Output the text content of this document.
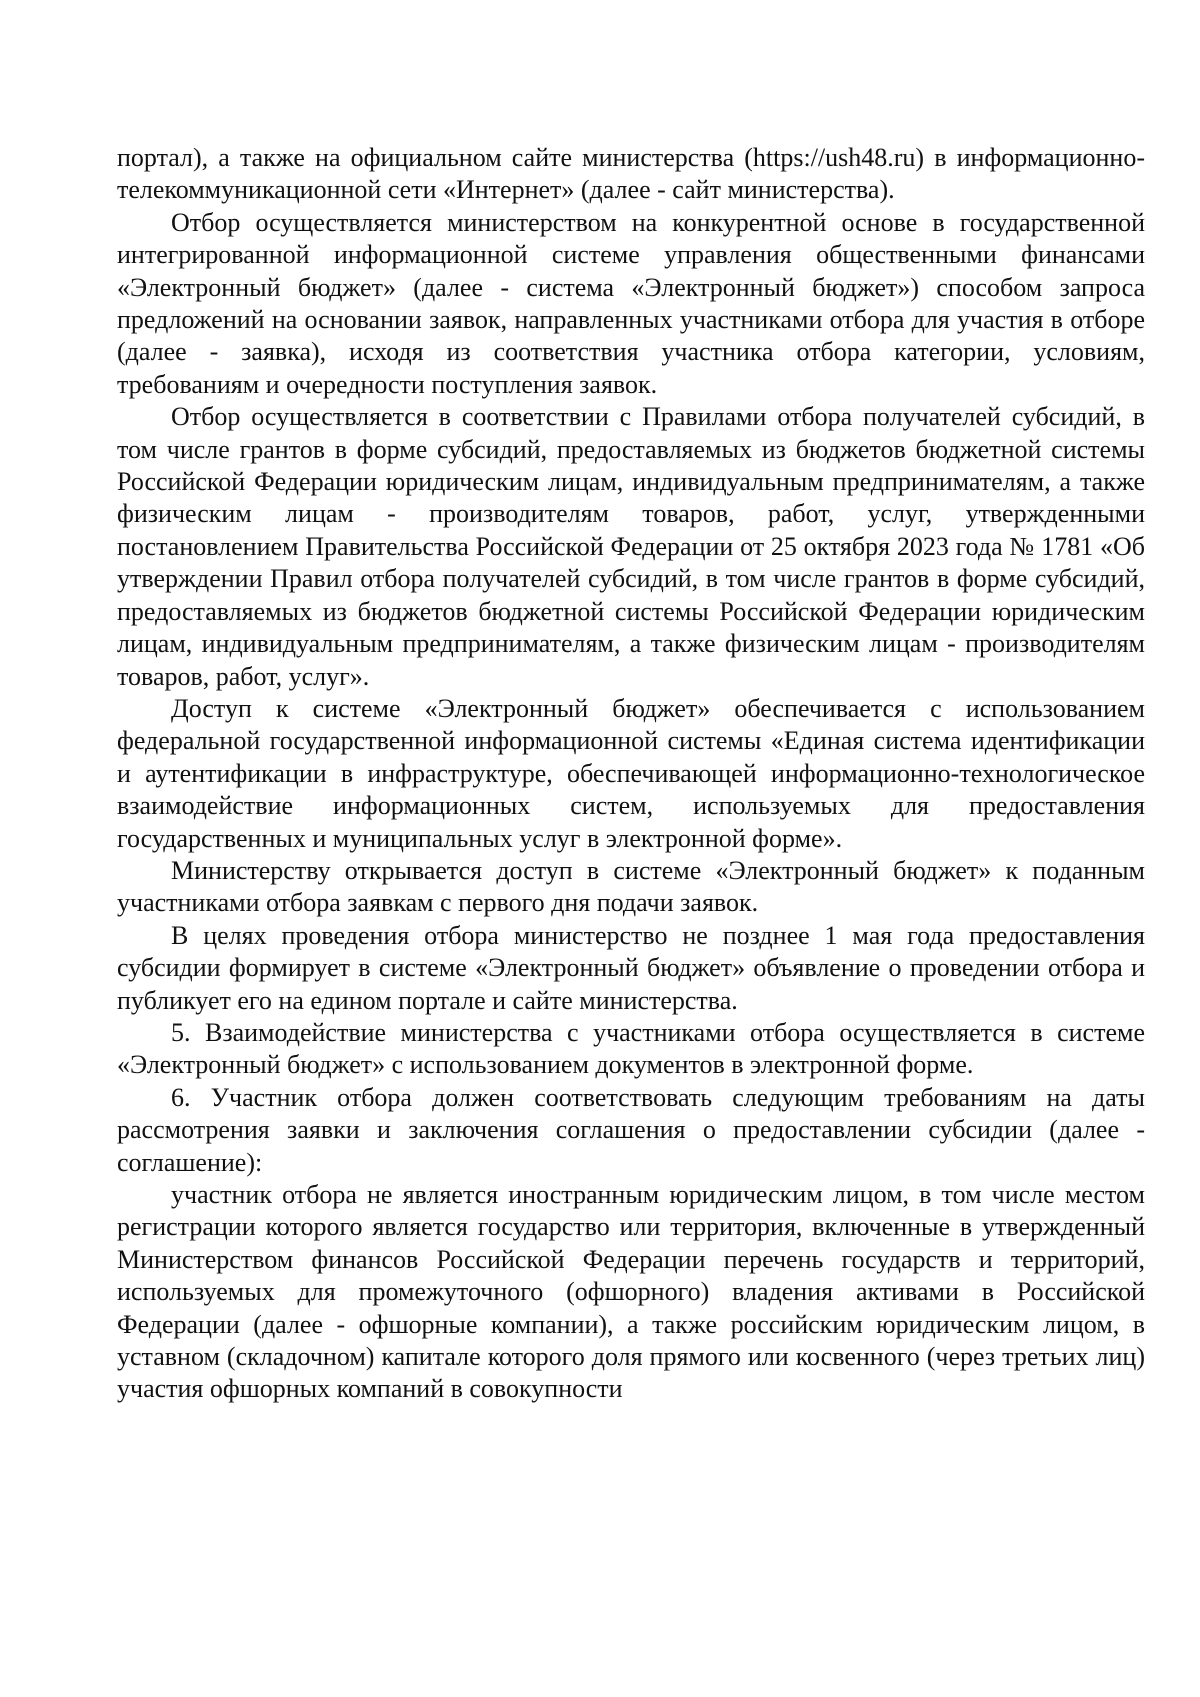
портал), а также на официальном сайте министерства (https://ush48.ru) в информационно-телекоммуникационной сети «Интернет» (далее - сайт министерства).

Отбор осуществляется министерством на конкурентной основе в государственной интегрированной информационной системе управления общественными финансами «Электронный бюджет» (далее - система «Электронный бюджет») способом запроса предложений на основании заявок, направленных участниками отбора для участия в отборе (далее - заявка), исходя из соответствия участника отбора категории, условиям, требованиям и очередности поступления заявок.

Отбор осуществляется в соответствии с Правилами отбора получателей субсидий, в том числе грантов в форме субсидий, предоставляемых из бюджетов бюджетной системы Российской Федерации юридическим лицам, индивидуальным предпринимателям, а также физическим лицам - производителям товаров, работ, услуг, утвержденными постановлением Правительства Российской Федерации от 25 октября 2023 года № 1781 «Об утверждении Правил отбора получателей субсидий, в том числе грантов в форме субсидий, предоставляемых из бюджетов бюджетной системы Российской Федерации юридическим лицам, индивидуальным предпринимателям, а также физическим лицам - производителям товаров, работ, услуг».

Доступ к системе «Электронный бюджет» обеспечивается с использованием федеральной государственной информационной системы «Единая система идентификации и аутентификации в инфраструктуре, обеспечивающей информационно-технологическое взаимодействие информационных систем, используемых для предоставления государственных и муниципальных услуг в электронной форме».

Министерству открывается доступ в системе «Электронный бюджет» к поданным участниками отбора заявкам с первого дня подачи заявок.

В целях проведения отбора министерство не позднее 1 мая года предоставления субсидии формирует в системе «Электронный бюджет» объявление о проведении отбора и публикует его на едином портале и сайте министерства.

5. Взаимодействие министерства с участниками отбора осуществляется в системе «Электронный бюджет» с использованием документов в электронной форме.

6. Участник отбора должен соответствовать следующим требованиям на даты рассмотрения заявки и заключения соглашения о предоставлении субсидии (далее - соглашение):

участник отбора не является иностранным юридическим лицом, в том числе местом регистрации которого является государство или территория, включенные в утвержденный Министерством финансов Российской Федерации перечень государств и территорий, используемых для промежуточного (офшорного) владения активами в Российской Федерации (далее - офшорные компании), а также российским юридическим лицом, в уставном (складочном) капитале которого доля прямого или косвенного (через третьих лиц) участия офшорных компаний в совокупности
